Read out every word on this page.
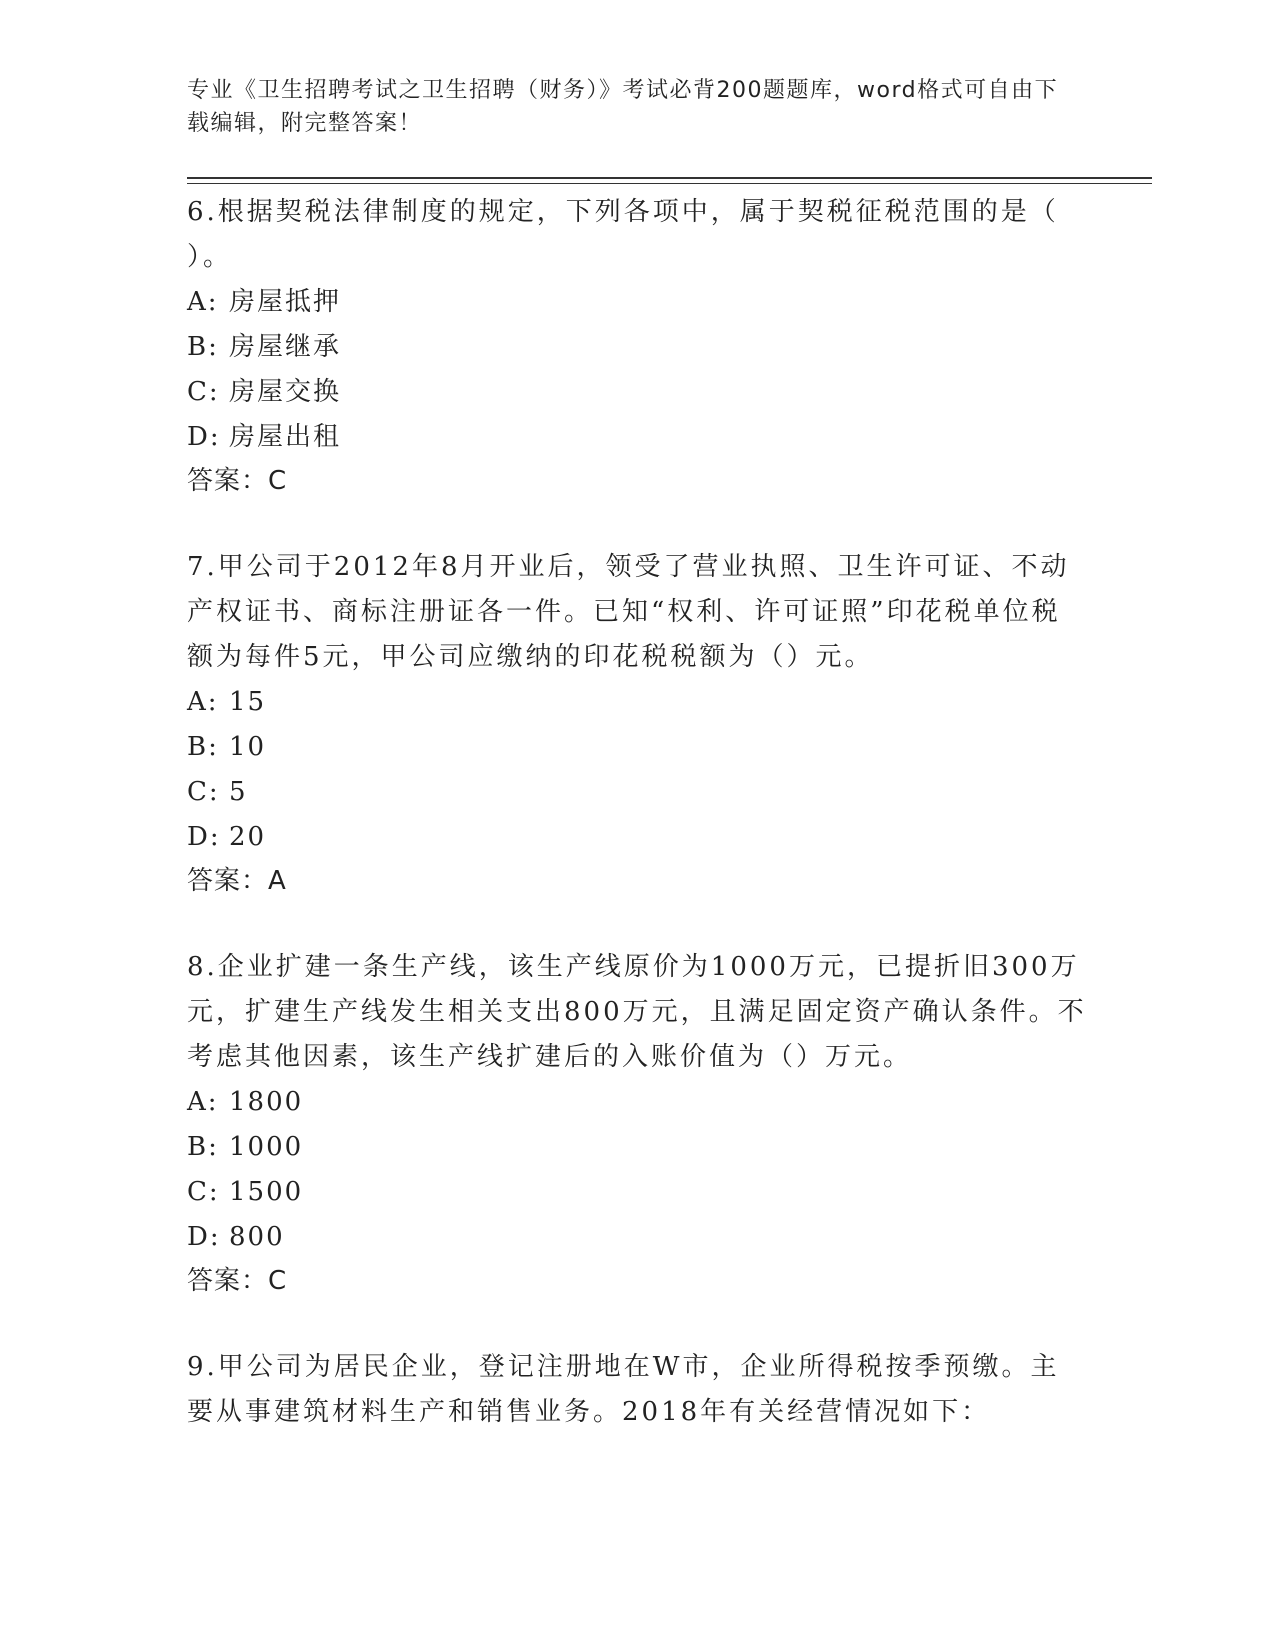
专业《卫生招聘考试之卫生招聘（财务）》考试必背200题题库，word格式可自由下载编辑，附完整答案！

6.根据契税法律制度的规定，下列各项中，属于契税征税范围的是（ ）。

A: 房屋抵押
B: 房屋继承
C: 房屋交换
D: 房屋出租
答案：C

7.甲公司于2012年8月开业后，领受了营业执照、卫生许可证、不动产权证书、商标注册证各一件。已知“权利、许可证照”印花税单位税额为每件5元，甲公司应缴纳的印花税税额为（）元。

A: 15
B: 10
C: 5
D: 20
答案：A

8.企业扩建一条生产线，该生产线原价为1000万元，已提折旧300万元，扩建生产线发生相关支出800万元，且满足固定资产确认条件。不考虑其他因素，该生产线扩建后的入账价值为（）万元。

A: 1800
B: 1000
C: 1500
D: 800
答案：C

9.甲公司为居民企业，登记注册地在W市，企业所得税按季预缴。主要从事建筑材料生产和销售业务。2018年有关经营情况如下：
